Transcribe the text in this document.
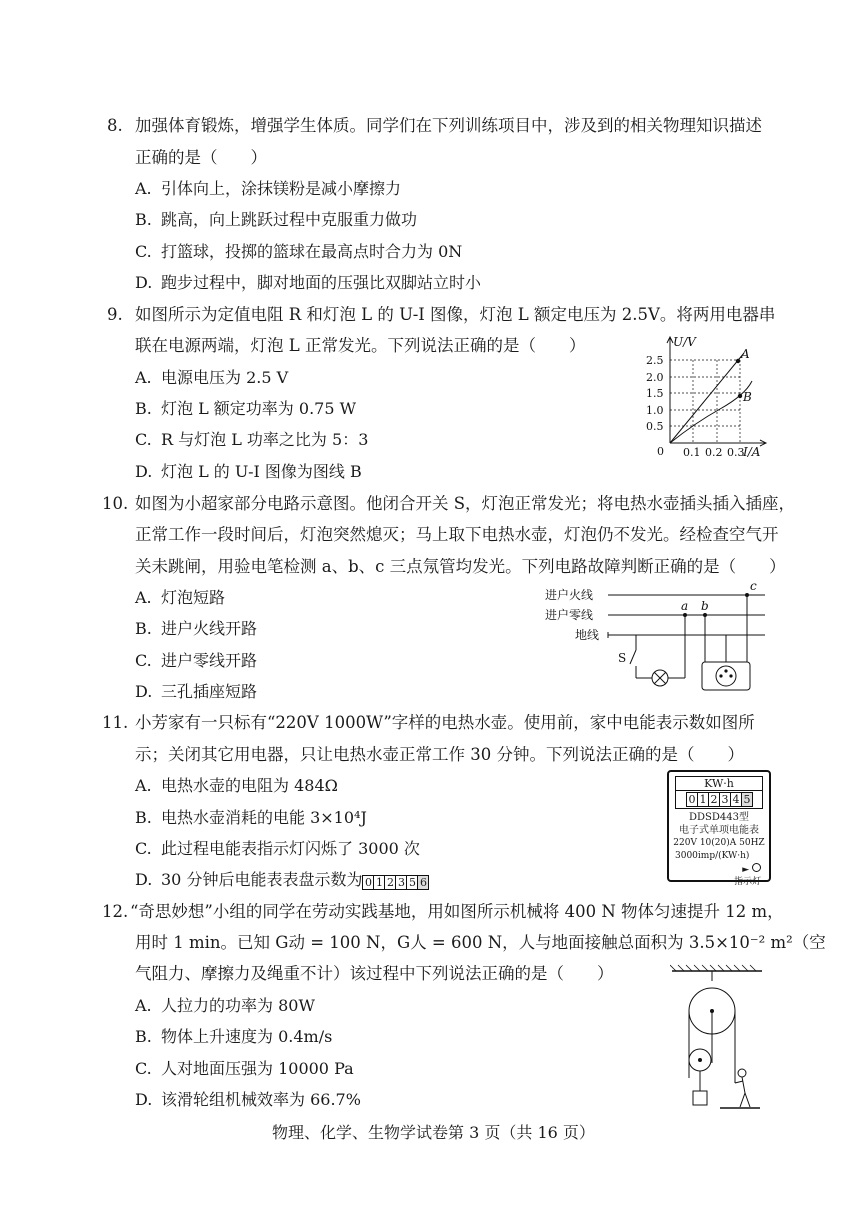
8. 加强体育锻炼，增强学生体质。同学们在下列训练项目中，涉及到的相关物理知识描述
正确的是（　　）
A. 引体向上，涂抹镁粉是减小摩擦力
B. 跳高，向上跳跃过程中克服重力做功
C. 打篮球，投掷的篮球在最高点时合力为 0N
D. 跑步过程中，脚对地面的压强比双脚站立时小
9. 如图所示为定值电阻 R 和灯泡 L 的 U-I 图像，灯泡 L 额定电压为 2.5V。将两用电器串
联在电源两端，灯泡 L 正常发光。下列说法正确的是（　　）
A. 电源电压为 2.5 V
B. 灯泡 L 额定功率为 0.75 W
C. R 与灯泡 L 功率之比为 5：3
D. 灯泡 L 的 U-I 图像为图线 B
U/V
I/A
2.5
2.0
1.5
1.0
0.5
0 0.1 0.2 0.3
A
B
10. 如图为小超家部分电路示意图。他闭合开关 S，灯泡正常发光；将电热水壶插头插入插座，
正常工作一段时间后，灯泡突然熄灭；马上取下电热水壶，灯泡仍不发光。经检查空气开
关未跳闸，用验电笔检测 a、b、c 三点氖管均发光。下列电路故障判断正确的是（　　）
A. 灯泡短路
B. 进户火线开路
C. 进户零线开路
D. 三孔插座短路
进户火线
进户零线
地线
S
a b
c
11. 小芳家有一只标有“220V 1000W”字样的电热水壶。使用前，家中电能表示数如图所
示；关闭其它用电器，只让电热水壶正常工作 30 分钟。下列说法正确的是（　　）
A. 电热水壶的电阻为 484Ω
B. 电热水壶消耗的电能 3×10⁴J
C. 此过程电能表指示灯闪烁了 3000 次
D. 30 分钟后电能表表盘示数为 0 1 2 3 5 6
KW·h
0 1 2 3 4 5
DDSD443型
电子式单项电能表
220V 10(20)A 50HZ
3000imp/(KW·h)
►
指示灯
12. “奇思妙想”小组的同学在劳动实践基地，用如图所示机械将 400 N 物体匀速提升 12 m，
用时 1 min。已知 G动 = 100 N，G人 = 600 N，人与地面接触总面积为 3.5×10⁻² m²（空
气阻力、摩擦力及绳重不计）该过程中下列说法正确的是（　　）
A. 人拉力的功率为 80W
B. 物体上升速度为 0.4m/s
C. 人对地面压强为 10000 Pa
D. 该滑轮组机械效率为 66.7%
物理、化学、生物学试卷第 3 页（共 16 页）
